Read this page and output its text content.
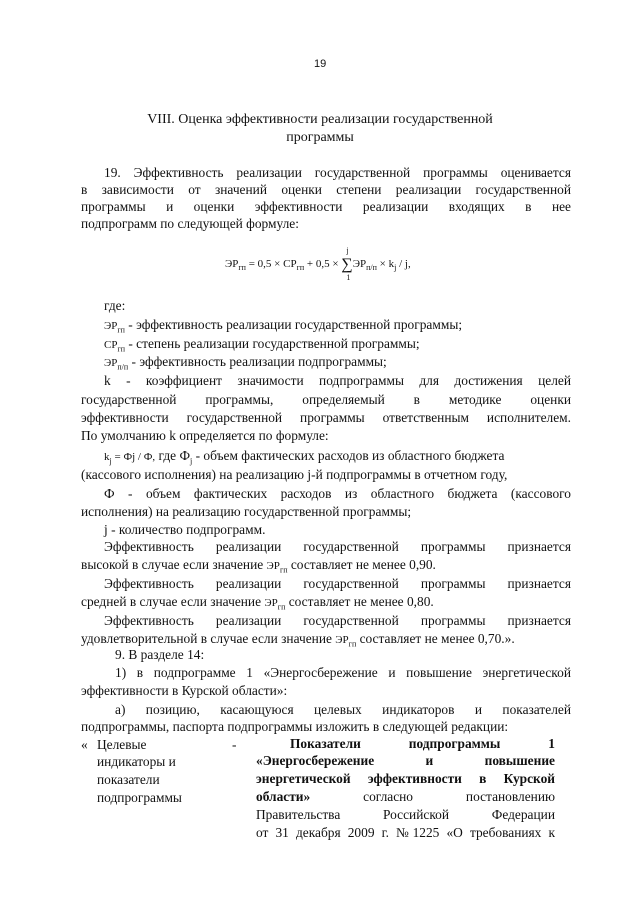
19
VIII. Оценка эффективности реализации государственной
программы
19. Эффективность реализации государственной программы оценивается
в зависимости от значений оценки степени реализации государственной
программы и оценки эффективности реализации входящих в нее
подпрограмм по следующей формуле:
$ЭР_{гп} = 0,5 \times СР_{гп} + 0,5$ × ∑
j
1
$ЭР_{п/п} \times k_j / j$,
где:
$ЭР_{гп}$ - эффективность реализации государственной программы;
$СР_{гп}$ - степень реализации государственной программы;
$ЭР_{п/п}$ - эффективность реализации подпрограммы;
k - коэффициент значимости подпрограммы для достижения целей
государственной программы, определяемый в методике оценки
эффективности государственной программы ответственным исполнителем.
По умолчанию k определяется по формуле:
$k_j$ = Фj / Ф, где $Ф_j$ - объем фактических расходов из областного бюджета
(кассового исполнения) на реализацию j-й подпрограммы в отчетном году,
Ф - объем фактических расходов из областного бюджета (кассового
исполнения) на реализацию государственной программы;
j - количество подпрограмм.
Эффективность реализации государственной программы признается
высокой в случае если значение $ЭР_{гп}$ составляет не менее 0,90.
Эффективность реализации государственной программы признается
средней в случае если значение $ЭР_{гп}$ составляет не менее 0,80.
Эффективность реализации государственной программы признается
удовлетворительной в случае если значение $ЭР_{гп}$ составляет не менее 0,70.».
9. В разделе 14:
1) в подпрограмме 1 «Энергосбережение и повышение энергетической
эффективности в Курской области»:
а) позицию, касающуюся целевых индикаторов и показателей
подпрограммы, паспорта подпрограммы изложить в следующей редакции:
« Целевые
индикаторы и
показатели
подпрограммы
-	Показатели подпрограммы 1
«Энергосбережение и повышение
энергетической эффективности в Курской
области» согласно постановлению
Правительства Российской Федерации
от 31 декабря 2009 г. №1225 «О требованиях к
